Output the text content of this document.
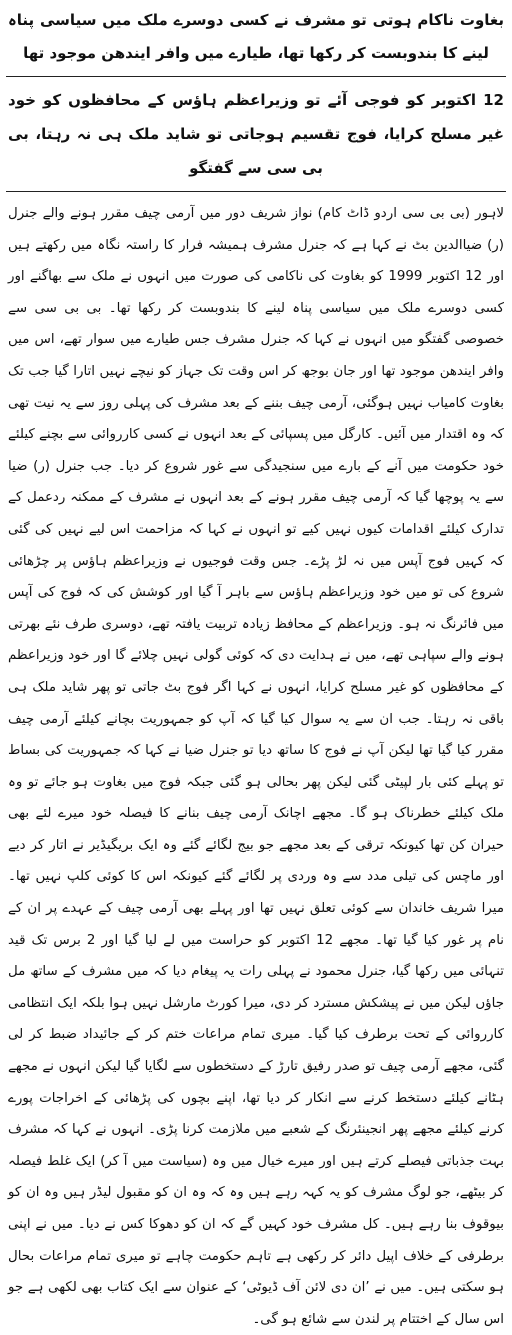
بغاوت ناکام ہوتی تو مشرف نے کسی دوسرے ملک میں سیاسی پناہ لینے کا بندوبست کر رکھا تھا، طیارے میں وافر ایندھن موجود تھا
12 اکتوبر کو فوجی آئے تو وزیراعظم ہاؤس کے محافظوں کو خود غیر مسلح کرایا، فوج تقسیم ہوجاتی تو شاید ملک ہی نہ رہتا، بی بی سی سے گفتگو

لاہور (بی بی سی اردو ڈاٹ کام) نواز شریف دور میں آرمی چیف مقرر ہونے والے جنرل (ر) ضیاالدین بٹ نے کہا ہے کہ جنرل مشرف ہمیشہ فرار کا راستہ نگاہ میں رکھتے ہیں اور 12 اکتوبر 1999 کو بغاوت کی ناکامی کی صورت میں انہوں نے ملک سے بھاگنے اور کسی دوسرے ملک میں سیاسی پناہ لینے کا بندوبست کر رکھا تھا۔ بی بی سی سے خصوصی گفتگو میں انہوں نے کہا کہ جنرل مشرف جس طیارے میں سوار تھے، اس میں وافر ایندھن موجود تھا اور جان بوجھ کر اس وقت تک جہاز کو نیچے نہیں اتارا گیا جب تک بغاوت کامیاب نہیں ہوگئی، آرمی چیف بننے کے بعد مشرف کی پہلی روز سے یہ نیت تھی کہ وہ اقتدار میں آئیں۔ کارگل میں پسپائی کے بعد انہوں نے کسی کارروائی سے بچنے کیلئے خود حکومت میں آنے کے بارے میں سنجیدگی سے غور شروع کر دیا۔ جب جنرل (ر) ضیا سے یہ پوچھا گیا کہ آرمی چیف مقرر ہونے کے بعد انہوں نے مشرف کے ممکنہ ردعمل کے تدارک کیلئے اقدامات کیوں نہیں کیے تو انہوں نے کہا کہ مزاحمت اس لیے نہیں کی گئی کہ کہیں فوج آپس میں نہ لڑ پڑے۔ جس وقت فوجیوں نے وزیراعظم ہاؤس پر چڑھائی شروع کی تو میں خود وزیراعظم ہاؤس سے باہر آ گیا اور کوشش کی کہ فوج کی آپس میں فائرنگ نہ ہو۔ وزیراعظم کے محافظ زیادہ تربیت یافتہ تھے، دوسری طرف نئے بھرتی ہونے والے سپاہی تھے، میں نے ہدایت دی کہ کوئی گولی نہیں چلائے گا اور خود وزیراعظم کے محافظوں کو غیر مسلح کرایا، انہوں نے کہا اگر فوج بٹ جاتی تو پھر شاید ملک ہی باقی نہ رہتا۔ جب ان سے یہ سوال کیا گیا کہ آپ کو جمہوریت بچانے کیلئے آرمی چیف مقرر کیا گیا تھا لیکن آپ نے فوج کا ساتھ دیا تو جنرل ضیا نے کہا کہ جمہوریت کی بساط تو پہلے کئی بار لپیٹی گئی لیکن پھر بحالی ہو گئی جبکہ فوج میں بغاوت ہو جائے تو وہ ملک کیلئے خطرناک ہو گا۔ مجھے اچانک آرمی چیف بنانے کا فیصلہ خود میرے لئے بھی حیران کن تھا کیونکہ ترقی کے بعد مجھے جو بیج لگائے گئے وہ ایک بریگیڈیر نے اتار کر دیے اور ماچس کی تیلی مدد سے وہ وردی پر لگائے گئے کیونکہ اس کا کوئی کلپ نہیں تھا۔ میرا شریف خاندان سے کوئی تعلق نہیں تھا اور پہلے بھی آرمی چیف کے عہدے پر ان کے نام پر غور کیا گیا تھا۔ مجھے 12 اکتوبر کو حراست میں لے لیا گیا اور 2 برس تک قید تنہائی میں رکھا گیا، جنرل محمود نے پہلی رات یہ پیغام دیا کہ میں مشرف کے ساتھ مل جاؤں لیکن میں نے پیشکش مسترد کر دی، میرا کورٹ مارشل نہیں ہوا بلکہ ایک انتظامی کارروائی کے تحت برطرف کیا گیا۔ میری تمام مراعات ختم کر کے جائیداد ضبط کر لی گئی، مجھے آرمی چیف تو صدر رفیق تارڑ کے دستخطوں سے لگایا گیا لیکن انہوں نے مجھے ہٹانے کیلئے دستخط کرنے سے انکار کر دیا تھا، اپنے بچوں کی پڑھائی کے اخراجات پورے کرنے کیلئے مجھے پھر انجینئرنگ کے شعبے میں ملازمت کرنا پڑی۔ انہوں نے کہا کہ مشرف بہت جذباتی فیصلے کرتے ہیں اور میرے خیال میں وہ (سیاست میں آ کر) ایک غلط فیصلہ کر بیٹھے، جو لوگ مشرف کو یہ کہہ رہے ہیں وہ کہ وہ ان کو مقبول لیڈر ہیں وہ ان کو بیوقوف بنا رہے ہیں۔ کل مشرف خود کہیں گے کہ ان کو دھوکا کس نے دیا۔ میں نے اپنی برطرفی کے خلاف اپیل دائر کر رکھی ہے تاہم حکومت چاہے تو میری تمام مراعات بحال ہو سکتی ہیں۔ میں نے ’ان دی لائن آف ڈیوٹی‘ کے عنوان سے ایک کتاب بھی لکھی ہے جو اس سال کے اختتام پر لندن سے شائع ہو گی۔
